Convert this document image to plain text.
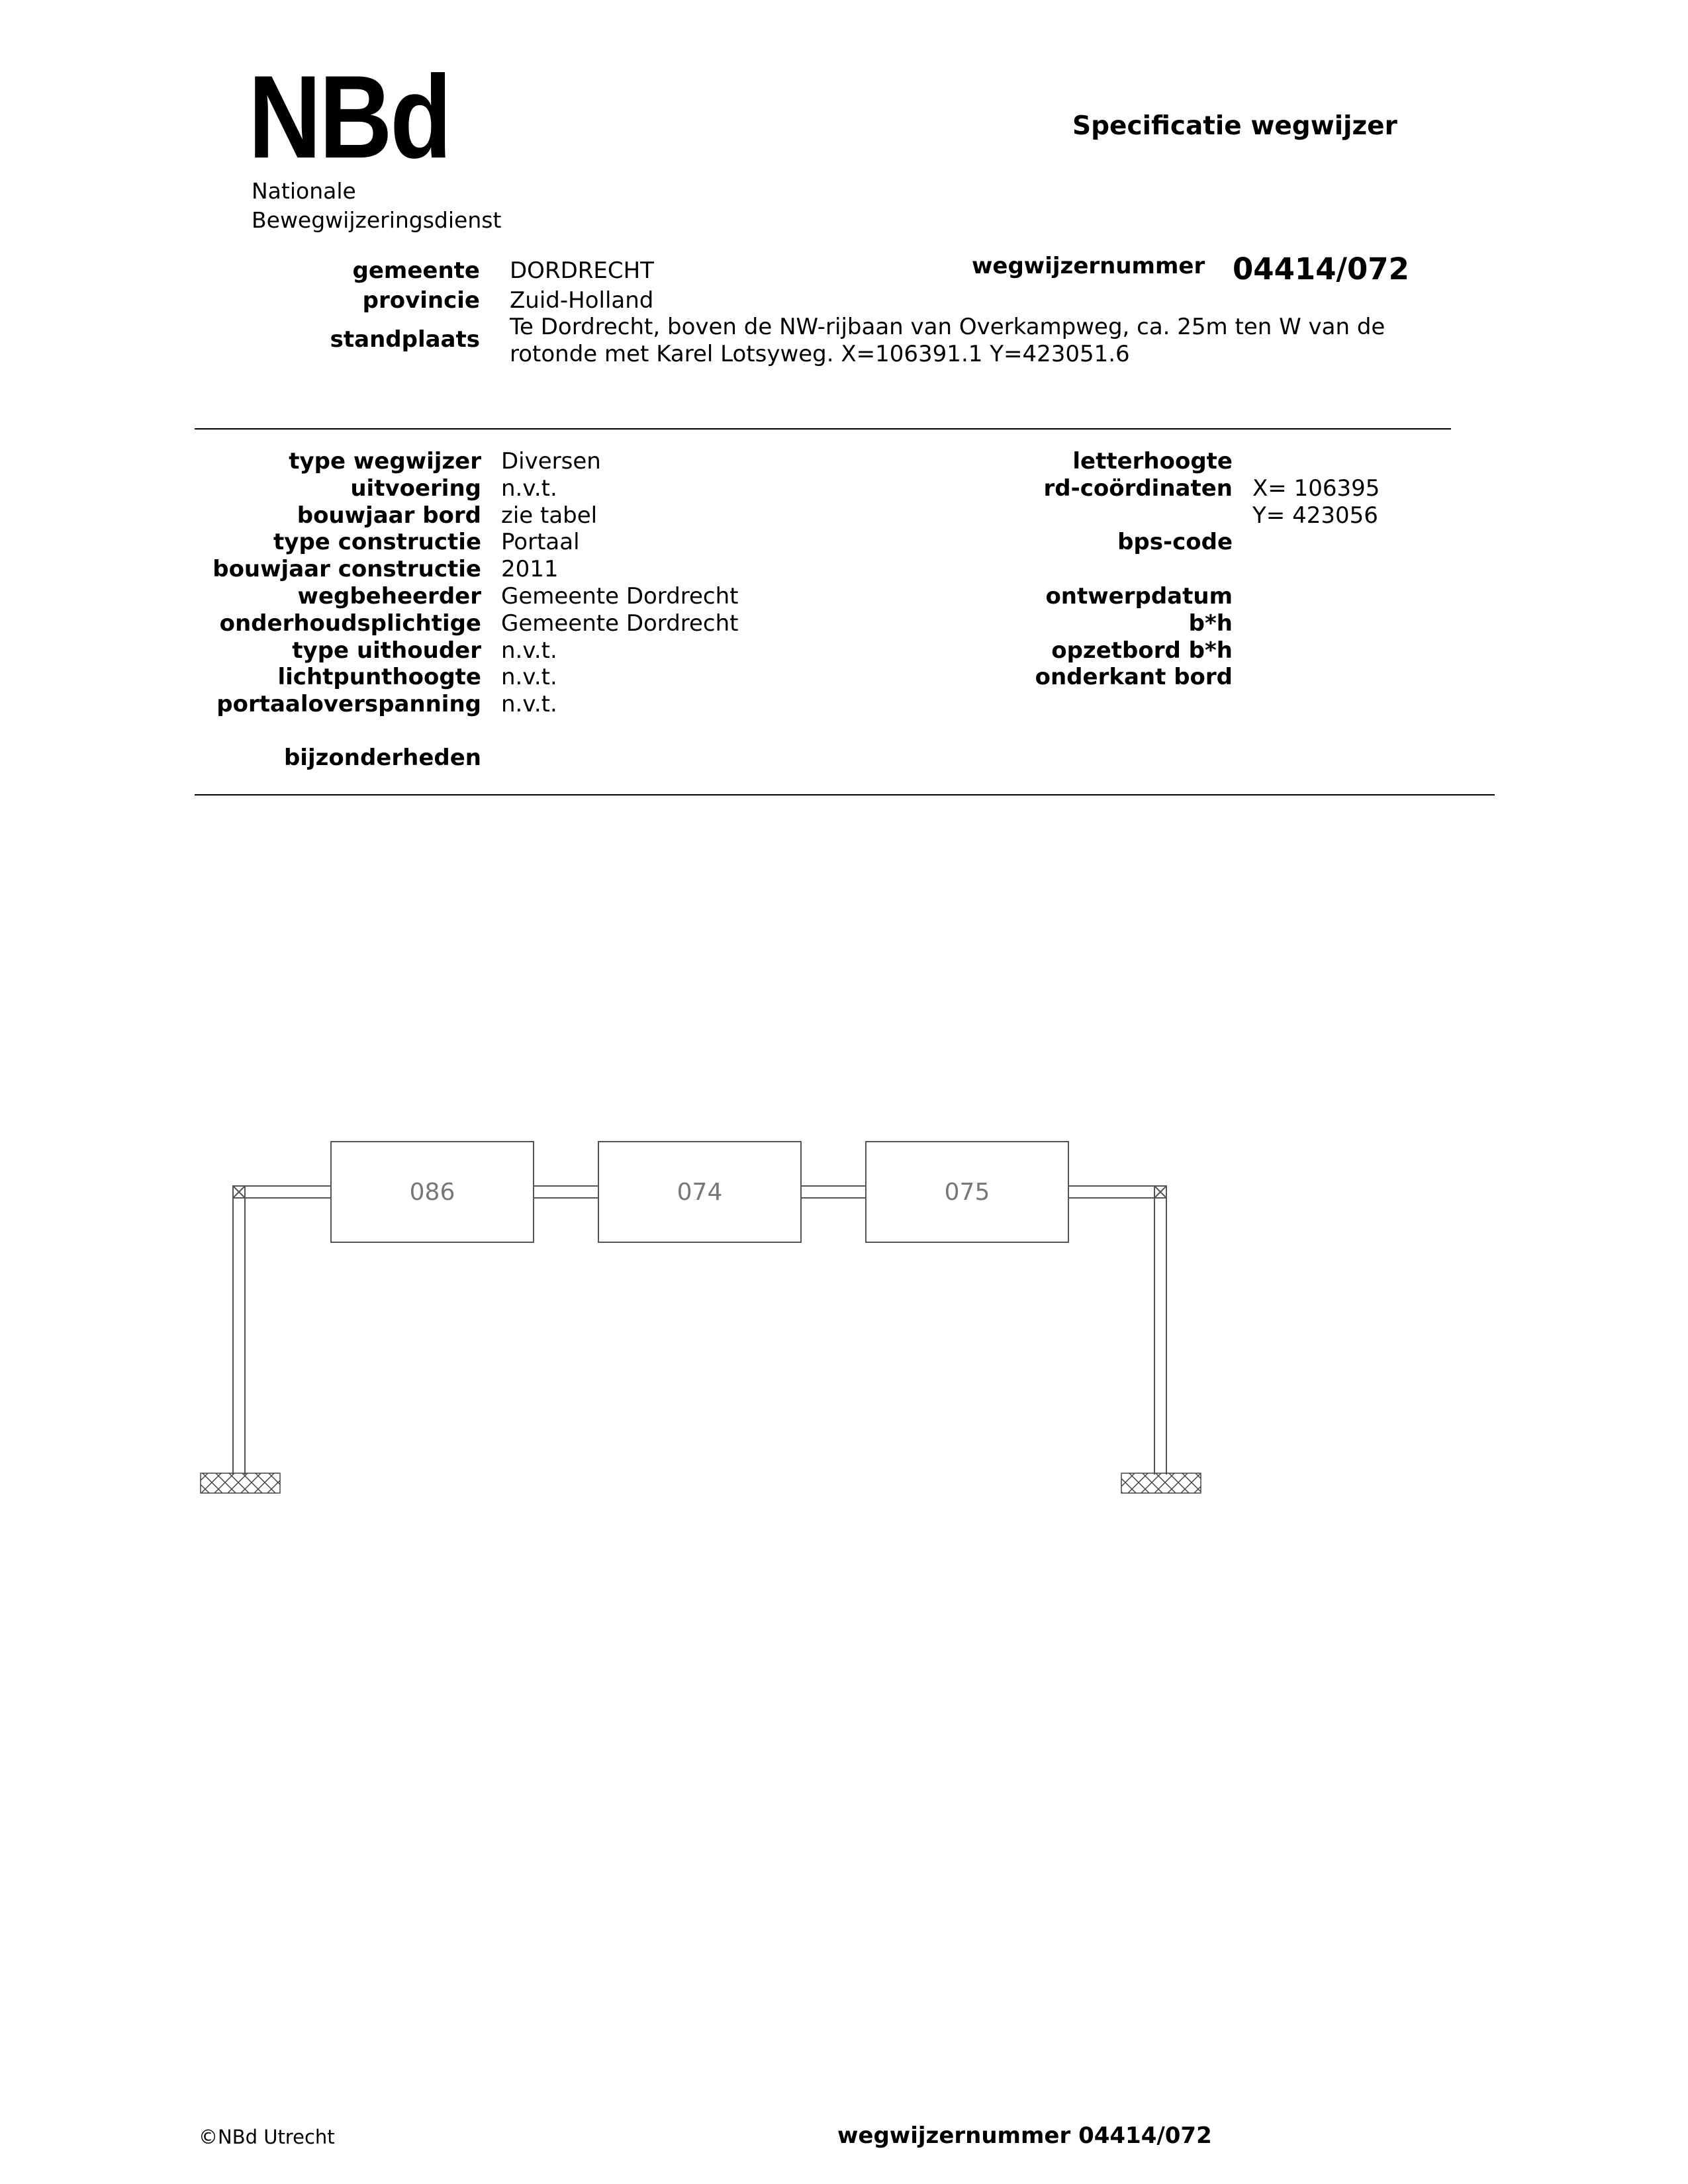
NBd
Nationale
Bewegwijzeringsdienst
Specificatie wegwijzer
gemeente DORDRECHT
provincie Zuid-Holland
standplaats Te Dordrecht, boven de NW-rijbaan van Overkampweg, ca. 25m ten W van de
rotonde met Karel Lotsyweg. X=106391.1 Y=423051.6
wegwijzernummer 04414/072
type wegwijzer Diversen
uitvoering n.v.t.
bouwjaar bord zie tabel
type constructie Portaal
bouwjaar constructie 2011
wegbeheerder Gemeente Dordrecht
onderhoudsplichtige Gemeente Dordrecht
type uithouder n.v.t.
lichtpunthoogte n.v.t.
portaaloverspanning n.v.t.
bijzonderheden
letterhoogte
rd-coördinaten X= 106395
Y= 423056
bps-code
ontwerpdatum
b*h
opzetbord b*h
onderkant bord
086	074	075
©NBd Utrecht	wegwijzernummer 04414/072
